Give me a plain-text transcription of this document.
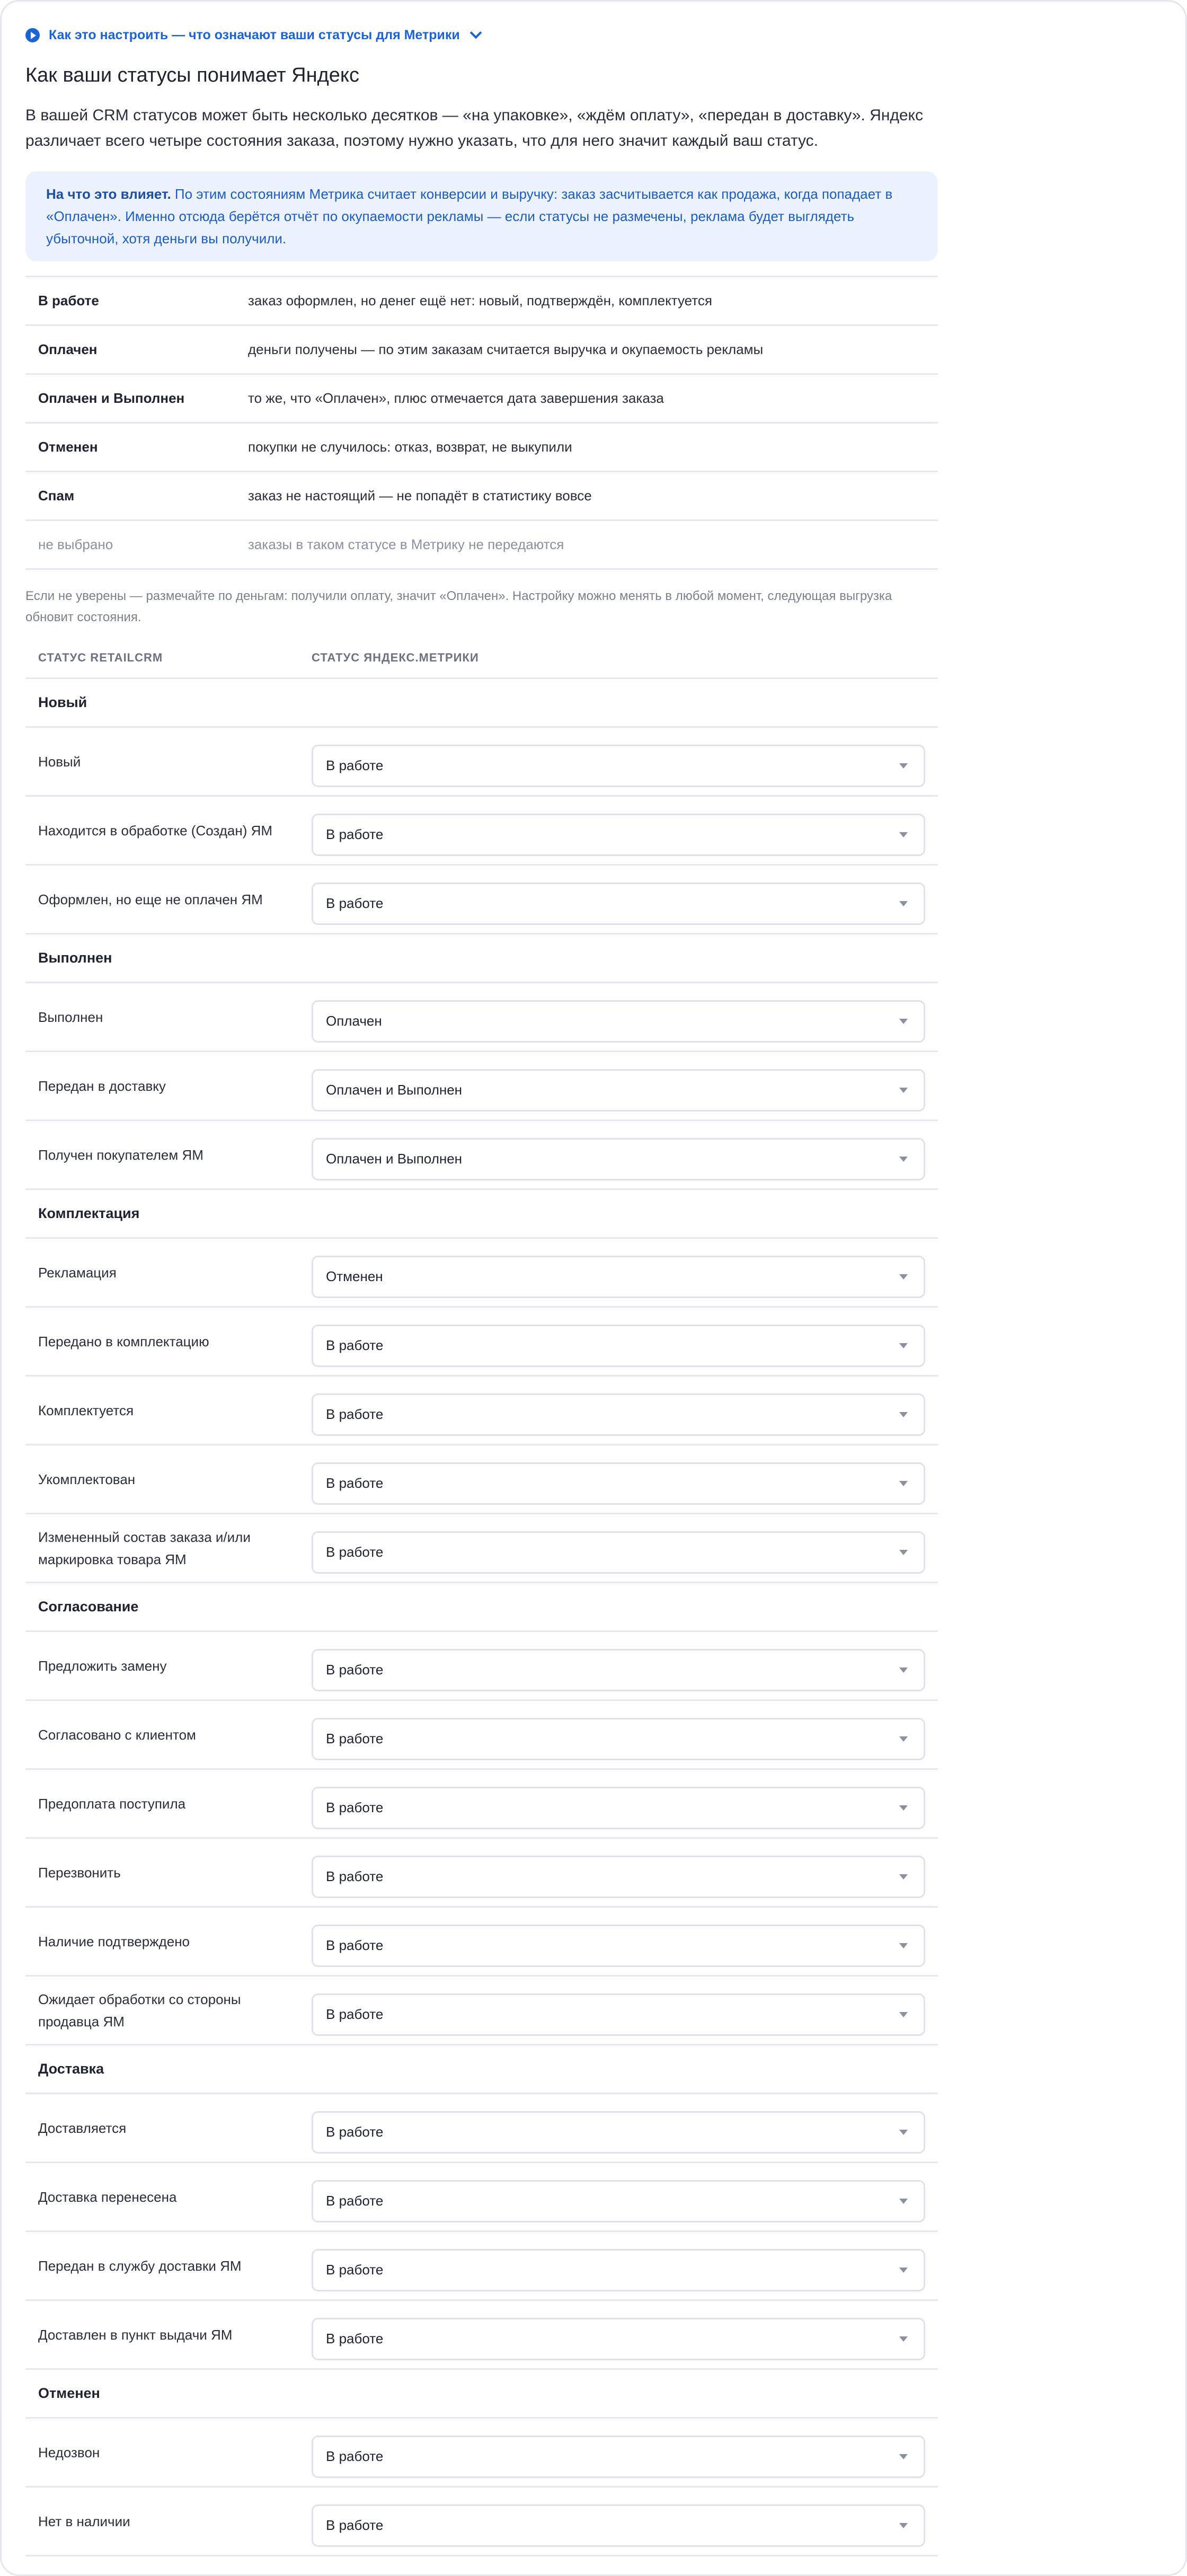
Как это настроить — что означают ваши статусы для Метрики
Как ваши статусы понимает Яндекс

В вашей CRM статусов может быть несколько десятков — «на упаковке», «ждём оплату», «передан в доставку». Яндекс различает всего четыре состояния заказа, поэтому нужно указать, что для него значит каждый ваш статус.

На что это влияет. По этим состояниям Метрика считает конверсии и выручку: заказ засчитывается как продажа, когда попадает в «Оплачен». Именно отсюда берётся отчёт по окупаемости рекламы — если статусы не размечены, реклама будет выглядеть убыточной, хотя деньги вы получили.
В работе	заказ оформлен, но денег ещё нет: новый, подтверждён, комплектуется
Оплачен	деньги получены — по этим заказам считается выручка и окупаемость рекламы
Оплачен и Выполнен	то же, что «Оплачен», плюс отмечается дата завершения заказа
Отменен	покупки не случилось: отказ, возврат, не выкупили
Спам	заказ не настоящий — не попадёт в статистику вовсе
не выбрано	заказы в таком статусе в Метрику не передаются

Если не уверены — размечайте по деньгам: получили оплату, значит «Оплачен». Настройку можно менять в любой момент, следующая выгрузка обновит состояния.

СТАТУС RETAILCRM	СТАТУС ЯНДЕКС.МЕТРИКИ
Новый
Новый	В работе
Находится в обработке (Создан) ЯМ	В работе
Оформлен, но еще не оплачен ЯМ	В работе
Выполнен
Выполнен	Оплачен
Передан в доставку	Оплачен и Выполнен
Получен покупателем ЯМ	Оплачен и Выполнен
Комплектация
Рекламация	Отменен
Передано в комплектацию	В работе
Комплектуется	В работе
Укомплектован	В работе
Измененный состав заказа и/или маркировка товара ЯМ	В работе
Согласование
Предложить замену	В работе
Согласовано с клиентом	В работе
Предоплата поступила	В работе
Перезвонить	В работе
Наличие подтверждено	В работе
Ожидает обработки со стороны продавца ЯМ	В работе
Доставка
Доставляется	В работе
Доставка перенесена	В работе
Передан в службу доставки ЯМ	В работе
Доставлен в пункт выдачи ЯМ	В работе
Отменен
Недозвон	В работе
Нет в наличии	В работе
